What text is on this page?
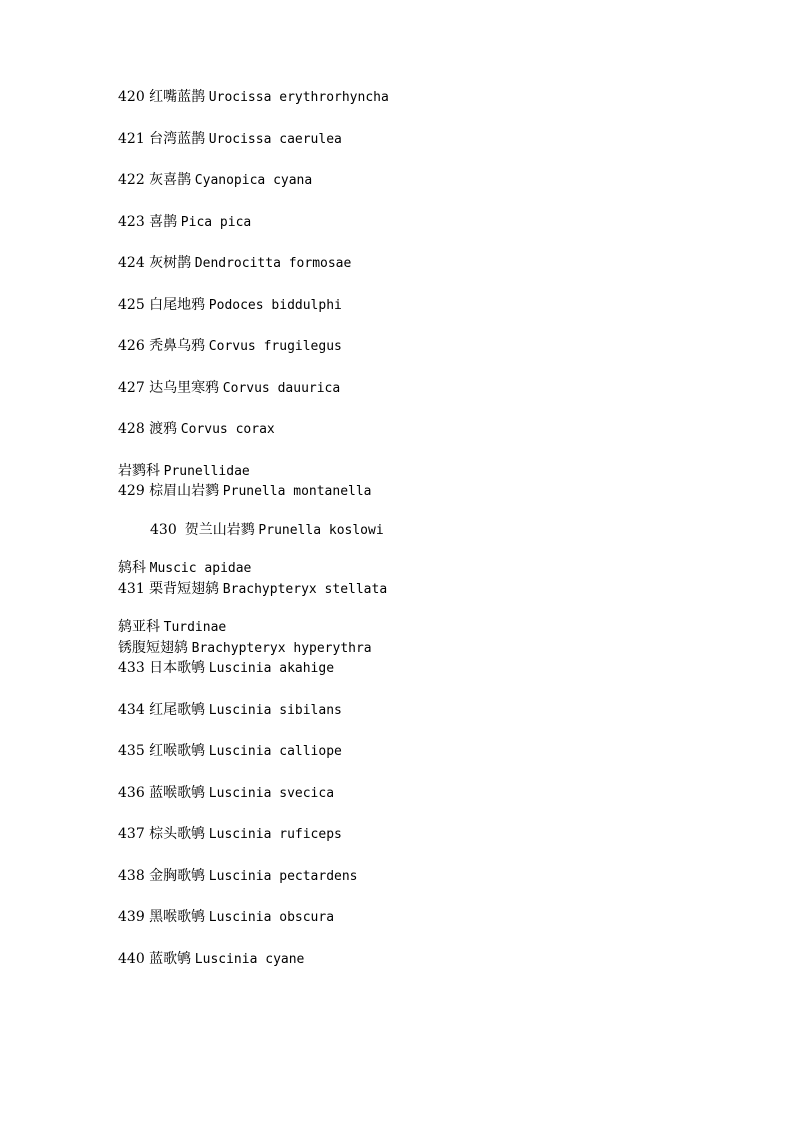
420 红嘴蓝鹊 Urocissa erythrorhyncha
421 台湾蓝鹊 Urocissa caerulea
422 灰喜鹊 Cyanopica cyana
423 喜鹊 Pica pica
424 灰树鹊 Dendrocitta formosae
425 白尾地鸦 Podoces biddulphi
426 秃鼻乌鸦 Corvus frugilegus
427 达乌里寒鸦 Corvus dauurica
428 渡鸦 Corvus corax
岩鹨科 Prunellidae
429 棕眉山岩鹨 Prunella montanella
430  贺兰山岩鹨 Prunella koslowi
鸫科 Muscic apidae
431 栗背短翅鸫 Brachypteryx stellata
鸫亚科 Turdinae
锈腹短翅鸫 Brachypteryx hyperythra
433 日本歌鸲 Luscinia akahige
434 红尾歌鸲 Luscinia sibilans
435 红喉歌鸲 Luscinia calliope
436 蓝喉歌鸲 Luscinia svecica
437 棕头歌鸲 Luscinia ruficeps
438 金胸歌鸲 Luscinia pectardens
439 黑喉歌鸲 Luscinia obscura
440 蓝歌鸲 Luscinia cyane
